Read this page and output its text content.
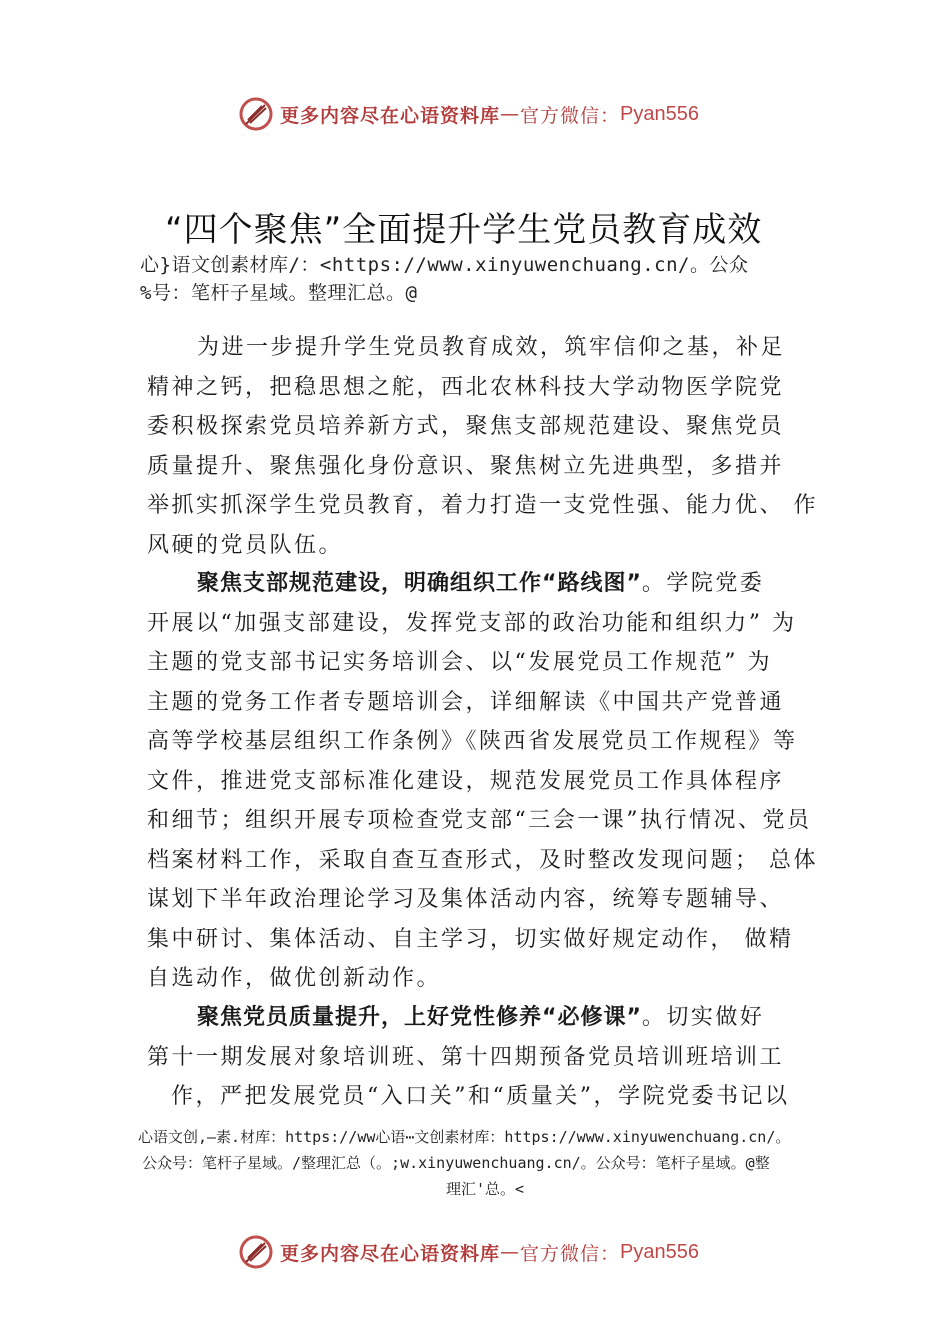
更多内容尽在心语资料库 — 官方微信： Pyan556
“四个聚焦”全面提升学生党员教育成效
心}语文创素材库/：<https://www.xinyuwenchuang.cn/。公众
%号：笔杆子星域。整理汇总。@
为进一步提升学生党员教育成效，筑牢信仰之基，补足
精神之钙，把稳思想之舵，西北农林科技大学动物医学院党
委积极探索党员培养新方式，聚焦支部规范建设、聚焦党员
质量提升、聚焦强化身份意识、聚焦树立先进典型，多措并
举抓实抓深学生党员教育，着力打造一支党性强、能力优、 作
风硬的党员队伍。
聚焦支部规范建设，明确组织工作“路线图”。学院党委
开展以“加强支部建设，发挥党支部的政治功能和组织力” 为
主题的党支部书记实务培训会、以“发展党员工作规范” 为
主题的党务工作者专题培训会，详细解读《中国共产党普通
高等学校基层组织工作条例》《陕西省发展党员工作规程》等
文件，推进党支部标准化建设，规范发展党员工作具体程序
和细节；组织开展专项检查党支部“三会一课”执行情况、党员
档案材料工作，采取自查互查形式，及时整改发现问题； 总体
谋划下半年政治理论学习及集体活动内容，统筹专题辅导、
集中研讨、集体活动、自主学习，切实做好规定动作， 做精
自选动作，做优创新动作。
聚焦党员质量提升，上好党性修养“必修课”。切实做好
第十一期发展对象培训班、第十四期预备党员培训班培训工
作，严把发展党员“入口关”和“质量关”，学院党委书记以
心语文创,—素.材库：https://ww心语⋯文创素材库：https://www.xinyuwenchuang.cn/。
公众号：笔杆子星域。/整理汇总（。;w.xinyuwenchuang.cn/。公众号：笔杆子星域。@整
理汇'总。<
更多内容尽在心语资料库 — 官方微信： Pyan556
